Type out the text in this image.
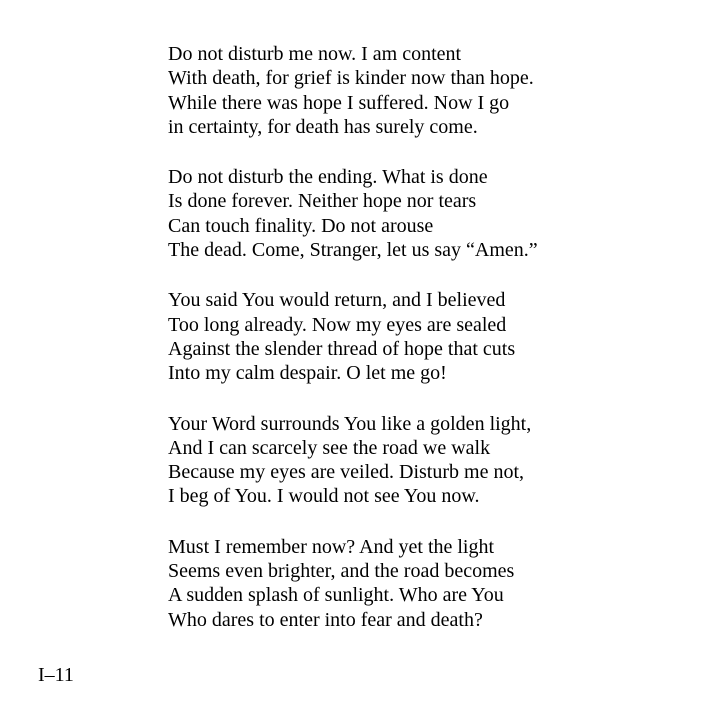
Do not disturb me now. I am content
With death, for grief is kinder now than hope.
While there was hope I suffered. Now I go
in certainty, for death has surely come.
Do not disturb the ending. What is done
Is done forever. Neither hope nor tears
Can touch finality. Do not arouse
The dead. Come, Stranger, let us say “Amen.”
You said You would return, and I believed
Too long already. Now my eyes are sealed
Against the slender thread of hope that cuts
Into my calm despair. O let me go!
Your Word surrounds You like a golden light,
And I can scarcely see the road we walk
Because my eyes are veiled. Disturb me not,
I beg of You. I would not see You now.
Must I remember now? And yet the light
Seems even brighter, and the road becomes
A sudden splash of sunlight. Who are You
Who dares to enter into fear and death?
I–11
